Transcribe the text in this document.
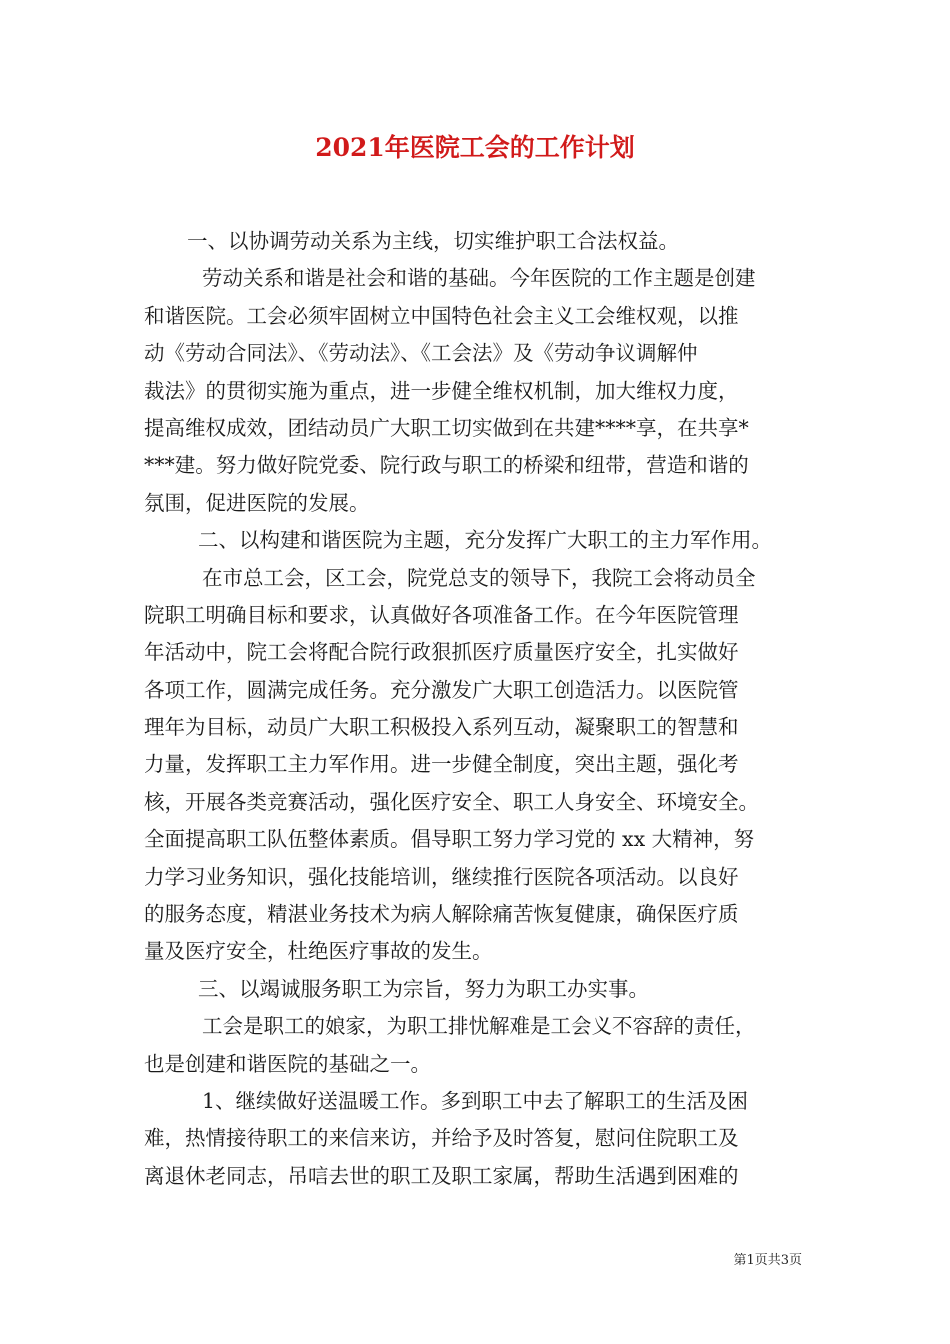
2021年医院工会的工作计划
一、以协调劳动关系为主线，切实维护职工合法权益。
劳动关系和谐是社会和谐的基础。今年医院的工作主题是创建
和谐医院。工会必须牢固树立中国特色社会主义工会维权观，以推
动《劳动合同法》、《劳动法》、《工会法》及《劳动争议调解仲
裁法》的贯彻实施为重点，进一步健全维权机制，加大维权力度，
提高维权成效，团结动员广大职工切实做到在共建****享，在共享*
***建。努力做好院党委、院行政与职工的桥梁和纽带，营造和谐的
氛围，促进医院的发展。
二、以构建和谐医院为主题，充分发挥广大职工的主力军作用。
在市总工会，区工会，院党总支的领导下，我院工会将动员全
院职工明确目标和要求，认真做好各项准备工作。在今年医院管理
年活动中，院工会将配合院行政狠抓医疗质量医疗安全，扎实做好
各项工作，圆满完成任务。充分激发广大职工创造活力。以医院管
理年为目标，动员广大职工积极投入系列互动，凝聚职工的智慧和
力量，发挥职工主力军作用。进一步健全制度，突出主题，强化考
核，开展各类竞赛活动，强化医疗安全、职工人身安全、环境安全。
全面提高职工队伍整体素质。倡导职工努力学习党的 xx 大精神，努
力学习业务知识，强化技能培训，继续推行医院各项活动。以良好
的服务态度，精湛业务技术为病人解除痛苦恢复健康，确保医疗质
量及医疗安全，杜绝医疗事故的发生。
三、以竭诚服务职工为宗旨，努力为职工办实事。
工会是职工的娘家，为职工排忧解难是工会义不容辞的责任，
也是创建和谐医院的基础之一。
1、继续做好送温暖工作。多到职工中去了解职工的生活及困
难，热情接待职工的来信来访，并给予及时答复，慰问住院职工及
离退休老同志，吊唁去世的职工及职工家属，帮助生活遇到困难的
第1页共3页
